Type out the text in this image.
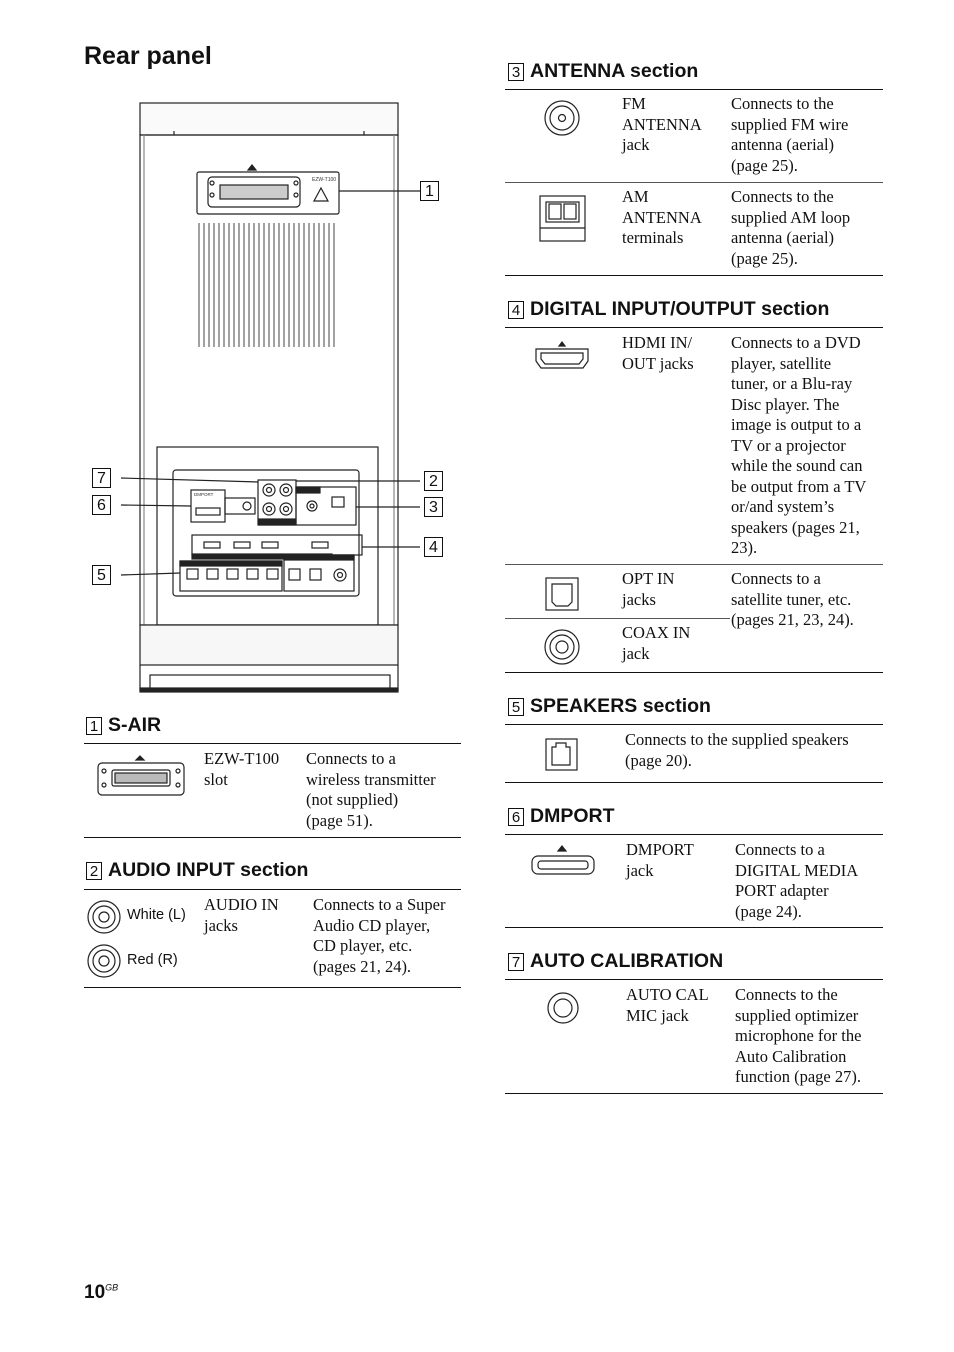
Rear panel
EZW-T100
DMPORT
1
2
3
4
5
6
7
1 S-AIR
EZW-T100
slot
Connects to a
wireless transmitter
(not supplied)
(page 51).
2 AUDIO INPUT section
White (L)
Red (R)
AUDIO IN
jacks
Connects to a Super
Audio CD player,
CD player, etc.
(pages 21, 24).
3 ANTENNA section
FM
ANTENNA
jack
Connects to the
supplied FM wire
antenna (aerial)
(page 25).
AM
ANTENNA
terminals
Connects to the
supplied AM loop
antenna (aerial)
(page 25).
4 DIGITAL INPUT/OUTPUT section
HDMI IN/
OUT jacks
Connects to a DVD
player, satellite
tuner, or a Blu-ray
Disc player. The
image is output to a
TV or a projector
while the sound can
be output from a TV
or/and system’s
speakers (pages 21,
23).
OPT IN
jacks
Connects to a
satellite tuner, etc.
(pages 21, 23, 24).
COAX IN
jack
5 SPEAKERS section
Connects to the supplied speakers
(page 20).
6 DMPORT
DMPORT
jack
Connects to a
DIGITAL MEDIA
PORT adapter
(page 24).
7 AUTO CALIBRATION
AUTO CAL
MIC jack
Connects to the
supplied optimizer
microphone for the
Auto Calibration
function (page 27).
$10^{GB}$
